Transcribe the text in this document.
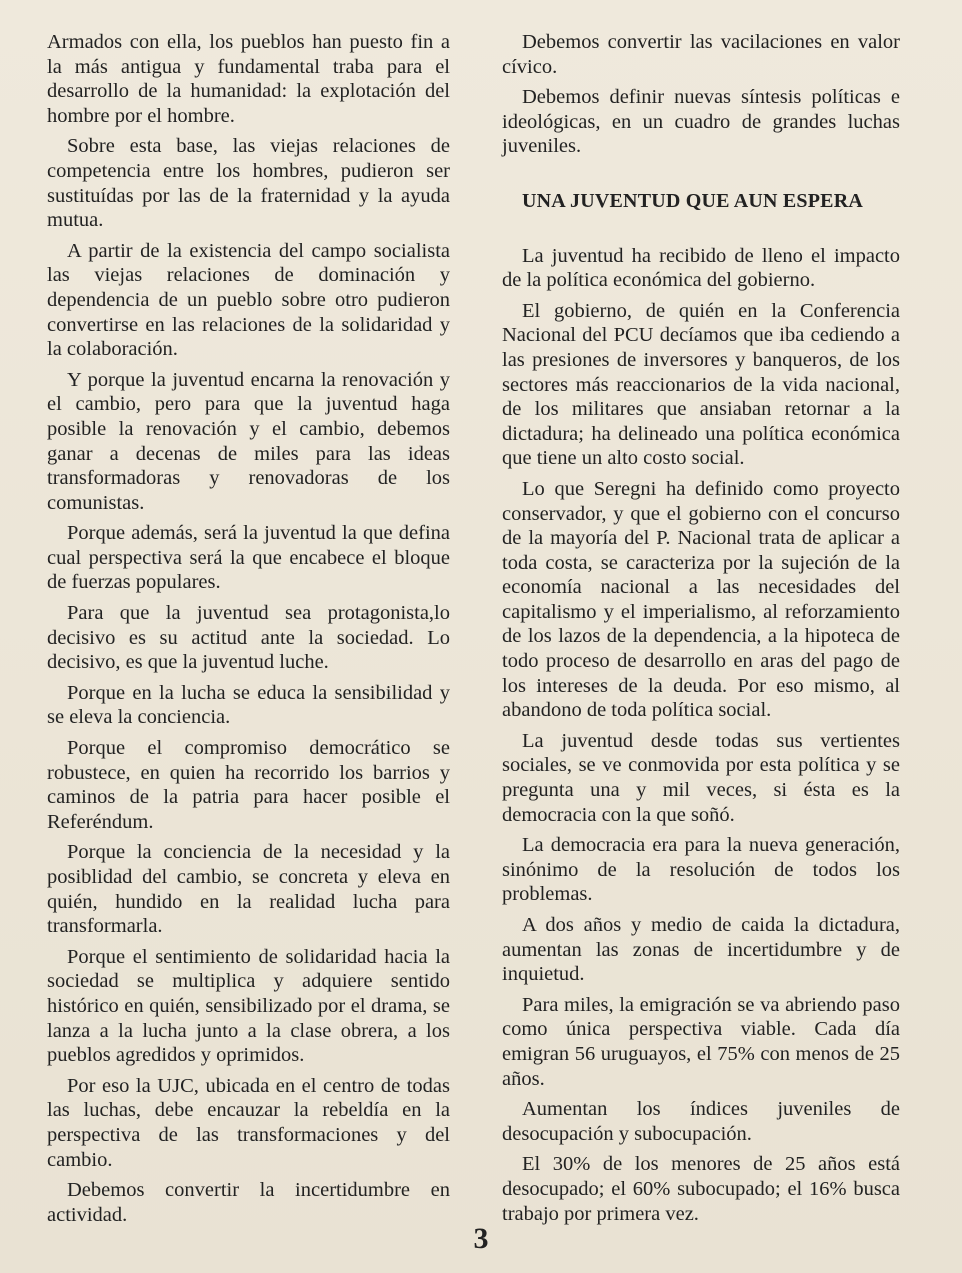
Armados con ella, los pueblos han puesto fin a la más antigua y fundamental traba para el desarrollo de la humanidad: la explotación del hombre por el hombre.

Sobre esta base, las viejas relaciones de competencia entre los hombres, pudieron ser sustituídas por las de la fraternidad y la ayuda mutua.

A partir de la existencia del campo socialista las viejas relaciones de dominación y dependencia de un pueblo sobre otro pudieron convertirse en las relaciones de la solidaridad y la colaboración.

Y porque la juventud encarna la renovación y el cambio, pero para que la juventud haga posible la renovación y el cambio, debemos ganar a decenas de miles para las ideas transformadoras y renovadoras de los comunistas.

Porque además, será la juventud la que defina cual perspectiva será la que encabece el bloque de fuerzas populares.

Para que la juventud sea protagonista,lo decisivo es su actitud ante la sociedad. Lo decisivo, es que la juventud luche.

Porque en la lucha se educa la sensibilidad y se eleva la conciencia.

Porque el compromiso democrático se robustece, en quien ha recorrido los barrios y caminos de la patria para hacer posible el Referéndum.

Porque la conciencia de la necesidad y la posiblidad del cambio, se concreta y eleva en quién, hundido en la realidad lucha para transformarla.

Porque el sentimiento de solidaridad hacia la sociedad se multiplica y adquiere sentido histórico en quién, sensibilizado por el drama, se lanza a la lucha junto a la clase obrera, a los pueblos agredidos y oprimidos.

Por eso la UJC, ubicada en el centro de todas las luchas, debe encauzar la rebeldía en la perspectiva de las transformaciones y del cambio.

Debemos convertir la incertidumbre en actividad.

Debemos convertir las vacilaciones en valor cívico.

Debemos definir nuevas síntesis políticas e ideológicas, en un cuadro de grandes luchas juveniles.

UNA JUVENTUD QUE AUN ESPERA

La juventud ha recibido de lleno el impacto de la política económica del gobierno.

El gobierno, de quién en la Conferencia Nacional del PCU decíamos que iba cediendo a las presiones de inversores y banqueros, de los sectores más reaccionarios de la vida nacional, de los militares que ansiaban retornar a la dictadura; ha delineado una política económica que tiene un alto costo social.

Lo que Seregni ha definido como proyecto conservador, y que el gobierno con el concurso de la mayoría del P. Nacional trata de aplicar a toda costa, se caracteriza por la sujeción de la economía nacional a las necesidades del capitalismo y el imperialismo, al reforzamiento de los lazos de la dependencia, a la hipoteca de todo proceso de desarrollo en aras del pago de los intereses de la deuda. Por eso mismo, al abandono de toda política social.

La juventud desde todas sus vertientes sociales, se ve conmovida por esta política y se pregunta una y mil veces, si ésta es la democracia con la que soñó.

La democracia era para la nueva generación, sinónimo de la resolución de todos los problemas.

A dos años y medio de caida la dictadura, aumentan las zonas de incertidumbre y de inquietud.

Para miles, la emigración se va abriendo paso como única perspectiva viable. Cada día emigran 56 uruguayos, el 75% con menos de 25 años.

Aumentan los índices juveniles de desocupación y subocupación.

El 30% de los menores de 25 años está desocupado; el 60% subocupado; el 16% busca trabajo por primera vez.

3
